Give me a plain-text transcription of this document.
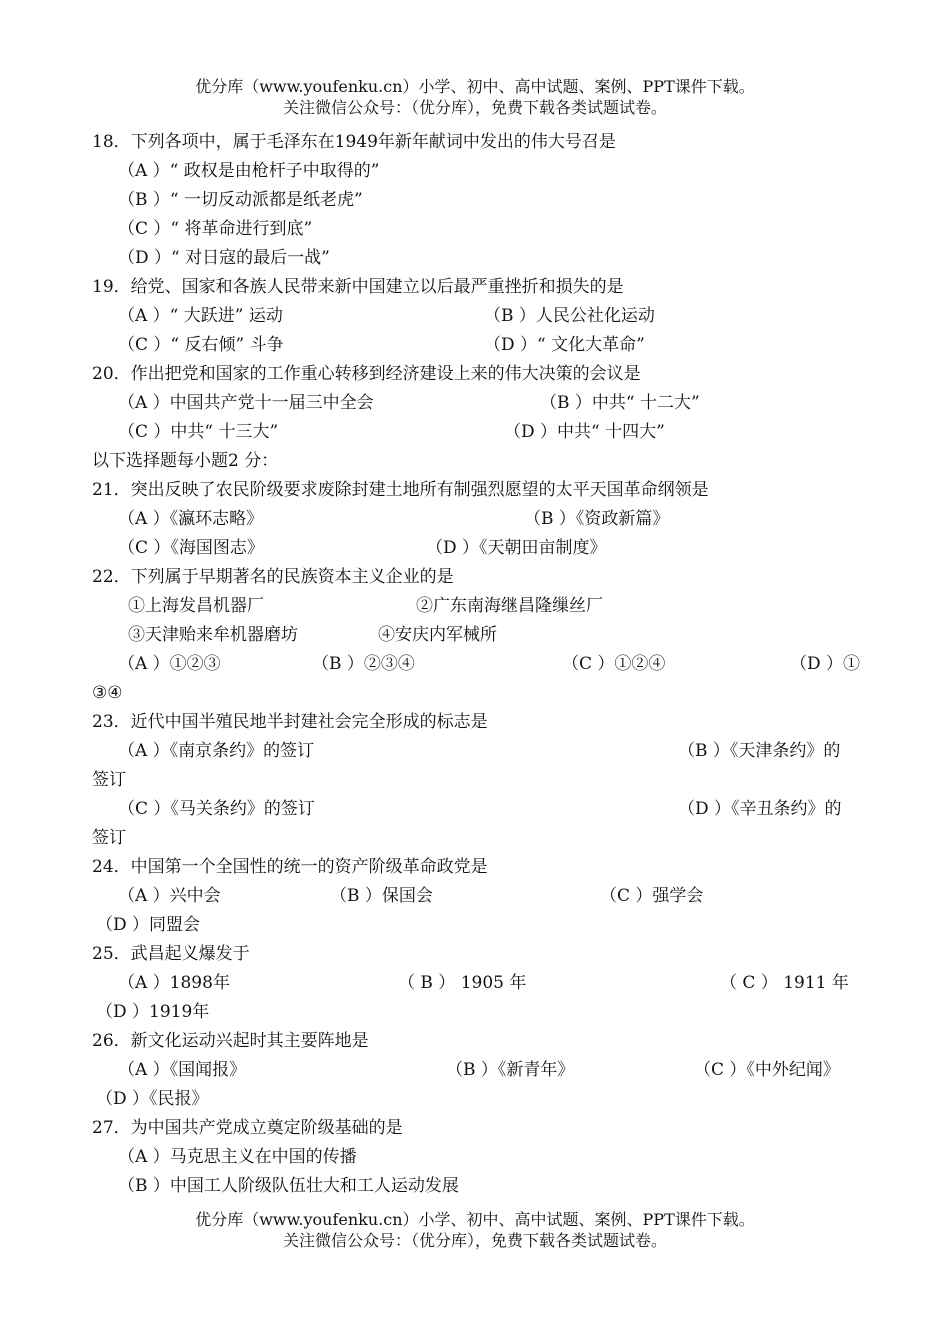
优分库（www.youfenku.cn）小学、初中、高中试题、案例、PPT课件下载。
关注微信公众号：（优分库），免费下载各类试题试卷。
18．下列各项中，属于毛泽东在1949年新年献词中发出的伟大号召是
（A ）“ 政权是由枪杆子中取得的”
（B ）“ 一切反动派都是纸老虎”
（C ）“ 将革命进行到底”
（D ）“ 对日寇的最后一战”
19．给党、国家和各族人民带来新中国建立以后最严重挫折和损失的是
（A ）“ 大跃进” 运动	（B ）人民公社化运动
（C ）“ 反右倾” 斗争	（D ）“ 文化大革命”
20．作出把党和国家的工作重心转移到经济建设上来的伟大决策的会议是
（A ）中国共产党十一届三中全会	（B ）中共“ 十二大”
（C ）中共“ 十三大”	（D ）中共“ 十四大”
以下选择题每小题2 分：
21．突出反映了农民阶级要求废除封建土地所有制强烈愿望的太平天国革命纲领是
（A ）《瀛环志略》	（B ）《资政新篇》
（C ）《海国图志》	（D ）《天朝田亩制度》
22．下列属于早期著名的民族资本主义企业的是
①上海发昌机器厂	②广东南海继昌隆缫丝厂
③天津贻来牟机器磨坊	④安庆内军械所
（A ）①②③	（B ）②③④	（C ）①②④	（D ）①
③④
23．近代中国半殖民地半封建社会完全形成的标志是
（A ）《南京条约》的签订	（B ）《天津条约》的
签订
（C ）《马关条约》的签订	（D ）《辛丑条约》的
签订
24．中国第一个全国性的统一的资产阶级革命政党是
（A ）兴中会	（B ）保国会	（C ）强学会
（D ）同盟会
25．武昌起义爆发于
（A ）1898年	（ B ） 1905 年	（ C ） 1911 年
（D ）1919年
26．新文化运动兴起时其主要阵地是
（A ）《国闻报》	（B ）《新青年》	（C ）《中外纪闻》
（D ）《民报》
27．为中国共产党成立奠定阶级基础的是
（A ）马克思主义在中国的传播
（B ）中国工人阶级队伍壮大和工人运动发展
优分库（www.youfenku.cn）小学、初中、高中试题、案例、PPT课件下载。
关注微信公众号：（优分库），免费下载各类试题试卷。
